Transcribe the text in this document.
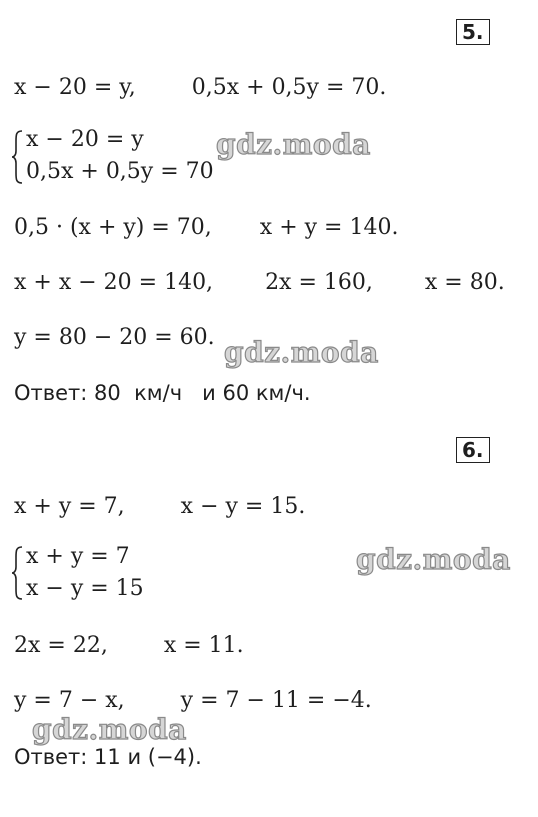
5.
x − 20 = y,	0,5x + 0,5y = 70.
x − 20 = y
0,5x + 0,5y = 70
0,5 · (x + y) = 70, x + y = 140.
x + x − 20 = 140, 2x = 160, x = 80.
y = 80 − 20 = 60.
Ответ: 80  км/ч   и 60 км/ч.
6.
x + y = 7,	x − y = 15.
x + y = 7
x − y = 15
2x = 22,	x = 11.
y = 7 − x,	y = 7 − 11 = −4.
Ответ: 11 и (−4).
gdz.moda
gdz.moda
gdz.moda
gdz.moda
